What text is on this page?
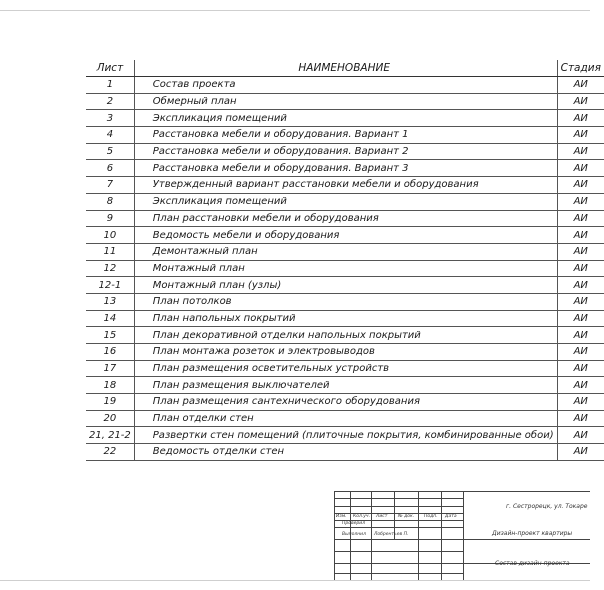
Лист	НАИМЕНОВАНИЕ	Стадия
1	Состав проекта	АИ
2	Обмерный план	АИ
3	Экспликация помещений	АИ
4	Расстановка мебели и оборудования. Вариант 1	АИ
5	Расстановка мебели и оборудования. Вариант 2	АИ
6	Расстановка мебели и оборудования. Вариант 3	АИ
7	Утвержденный вариант расстановки мебели и оборудования	АИ
8	Экспликация помещений	АИ
9	План расстановки мебели и оборудования	АИ
10	Ведомость мебели и оборудования	АИ
11	Демонтажный план	АИ
12	Монтажный план	АИ
12-1	Монтажный план (узлы)	АИ
13	План потолков	АИ
14	План напольных покрытий	АИ
15	План декоративной отделки напольных покрытий	АИ
16	План монтажа розеток и электровыводов	АИ
17	План размещения осветительных устройств	АИ
18	План размещения выключателей	АИ
19	План размещения сантехнического оборудования	АИ
20	План отделки стен	АИ
21, 21-2	Развертки стен помещений (плиточные покрытия, комбинированные обои)	АИ
22	Ведомость отделки стен	АИ
Изм. Кол.уч. Лист № док. Подп. Дата
Проверил
Выполнил Лобрентьев П.
г. Сестрорецк, ул. Токаре
Дизайн-проект квартиры
Состав дизайн-проекта
